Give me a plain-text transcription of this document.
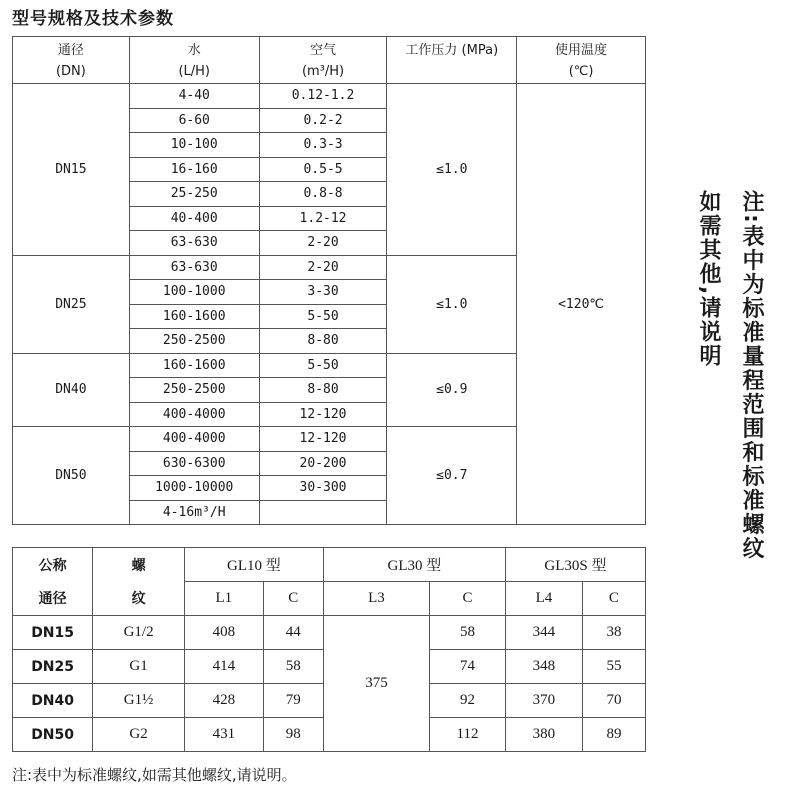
型号规格及技术参数
通径	水	空气	工作压力 (MPa)	使用温度
(DN)	(L/H)	(m³/H)		(℃)
DN15	4-40	0.12-1.2	≤1.0	<120℃
	6-60	0.2-2		
	10-100	0.3-3		
	16-160	0.5-5		
	25-250	0.8-8		
	40-400	1.2-12		
	63-630	2-20		
DN25	63-630	2-20	≤1.0	
	100-1000	3-30		
	160-1600	5-50		
	250-2500	8-80		
DN40	160-1600	5-50	≤0.9	
	250-2500	8-80		
	400-4000	12-120		
DN50	400-4000	12-120	≤0.7	
	630-6300	20-200		
	1000-10000	30-300		
	4-16m³/H			
公称	螺	GL10 型		GL30 型		GL30S 型	
通径	纹	L1	C	L3	C	L4	C
DN15	G1/2	408	44	375	58	344	38
DN25	G1	414	58		74	348	55
DN40	G1½	428	79		92	370	70
DN50	G2	431	98		112	380	89
注:表中为标准螺纹,如需其他螺纹,请说明。
注:表中为标准量程范围和标准螺纹
如需其他,请说明
